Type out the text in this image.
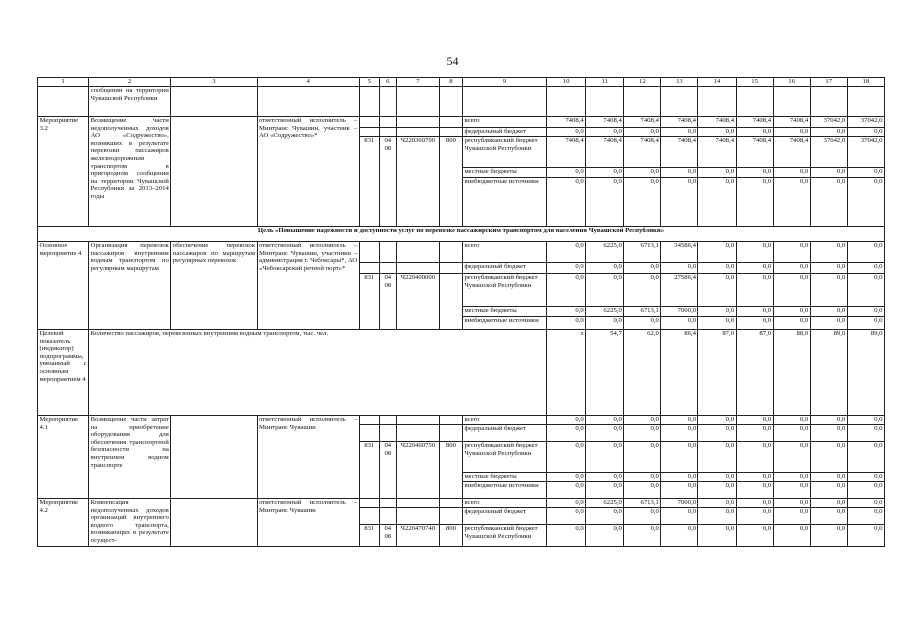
54
1	2	3	4	5	6	7	8	9	10	11	12	13	14	15	16	17	18
	сообщении на территории Чувашской Республики																
Мероприятие 3.2	Возмещение части недополученных доходов АО «Содружество», возникших в результате перевозки пассажиров железнодорожным транспортом в пригородном сообщении на территории Чувашской Республики за 2013–2014 годы		ответственный исполнитель – Минтранс Чувашии, участник – АО «Содружество»*					всего	7408,4	7408,4	7408,4	7408,4	7408,4	7408,4	7408,4	37042,0	37042,0
								федеральный бюджет	0,0	0,0	0,0	0,0	0,0	0,0	0,0	0,0	0,0
				831	04 08	Ч220360790	800	республиканский бюджет Чувашской Республики	7408,4	7408,4	7408,4	7408,4	7408,4	7408,4	7408,4	37042,0	37042,0
								местные бюджеты	0,0	0,0	0,0	0,0	0,0	0,0	0,0	0,0	0,0
								внебюджетные источники	0,0	0,0	0,0	0,0	0,0	0,0	0,0	0,0	0,0
Цель «Повышение надежности и доступности услуг по перевозке пассажирским транспортом для населения Чувашской Республики»																	
Основное мероприятие 4	Организация перевозок пассажиров внутренним водным транспортом по регулярным маршрутам	обеспечение перевозок пассажиров по маршрутам регулярных перевозок	ответственный исполнитель – Минтранс Чувашии, участники – администрация г. Чебоксары*, АО «Чебоксарский речной порт»*					всего	0,0	6225,0	6713,1	34586,4	0,0	0,0	0,0	0,0	0,0
								федеральный бюджет	0,0	0,0	0,0	0,0	0,0	0,0	0,0	0,0	0,0
				831	04 08	Ч220400000		республиканский бюджет Чувашской Республики	0,0	0,0	0,0	27586,4	0,0	0,0	0,0	0,0	0,0
								местные бюджеты	0,0	6225,0	6713,1	7000,0	0,0	0,0	0,0	0,0	0,0
								внебюджетные источники	0,0	0,0	0,0	0,0	0,0	0,0	0,0	0,0	0,0
Целевой показатель (индикатор) подпрограммы, увязанный с основным мероприятием 4	Количество пассажиров, перевезенных внутренним водным транспортом, тыс. чел.								х	54,7	62,0	86,4	87,0	87,0	88,0	89,0	89,0
Мероприятие 4.1	Возмещение части затрат на приобретение оборудования для обеспечения транспортной безопасности на внутреннем водном транспорте		ответственный исполнитель – Минтранс Чувашии					всего	0,0	0,0	0,0	0,0	0,0	0,0	0,0	0,0	0,0
								федеральный бюджет	0,0	0,0	0,0	0,0	0,0	0,0	0,0	0,0	0,0
				831	04 08	Ч220460750	800	республиканский бюджет Чувашской Республики	0,0	0,0	0,0	0,0	0,0	0,0	0,0	0,0	0,0
								местные бюджеты	0,0	0,0	0,0	0,0	0,0	0,0	0,0	0,0	0,0
								внебюджетные источники	0,0	0,0	0,0	0,0	0,0	0,0	0,0	0,0	0,0
Мероприятие 4.2	Компенсация недополученных доходов организаций внутреннего водного транспорта, возникающих в результате осущест-		ответственный исполнитель – Минтранс Чувашии					всего	0,0	6225,0	6713,1	7000,0	0,0	0,0	0,0	0,0	0,0
								федеральный бюджет	0,0	0,0	0,0	0,0	0,0	0,0	0,0	0,0	0,0
				831	04 08	Ч220470740	800	республиканский бюджет Чувашской Республики	0,0	0,0	0,0	0,0	0,0	0,0	0,0	0,0	0,0
